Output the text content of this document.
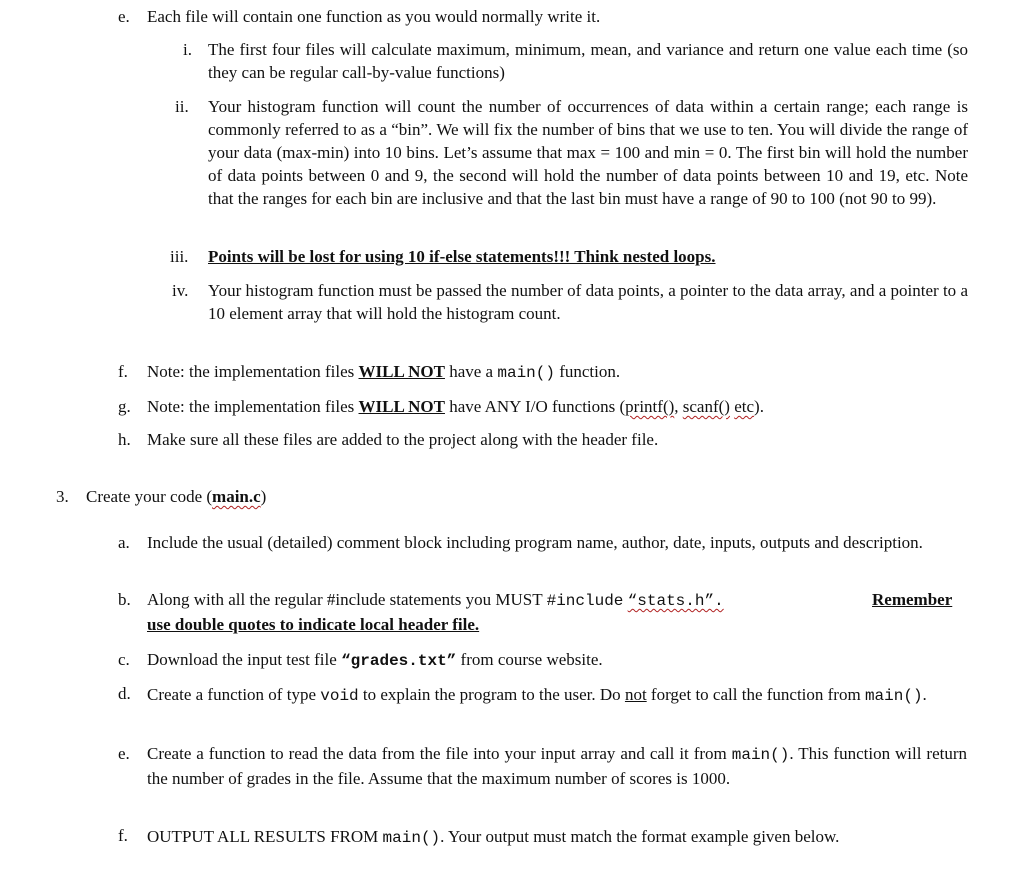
e. Each file will contain one function as you would normally write it.
i. The first four files will calculate maximum, minimum, mean, and variance and return one value each time (so they can be regular call-by-value functions)
ii. Your histogram function will count the number of occurrences of data within a certain range; each range is commonly referred to as a “bin”. We will fix the number of bins that we use to ten. You will divide the range of your data (max-min) into 10 bins. Let’s assume that max = 100 and min = 0. The first bin will hold the number of data points between 0 and 9, the second will hold the number of data points between 10 and 19, etc. Note that the ranges for each bin are inclusive and that the last bin must have a range of 90 to 100 (not 90 to 99).
iii. Points will be lost for using 10 if-else statements!!! Think nested loops.
iv. Your histogram function must be passed the number of data points, a pointer to the data array, and a pointer to a 10 element array that will hold the histogram count.
f. Note: the implementation files WILL NOT have a main() function.
g. Note: the implementation files WILL NOT have ANY I/O functions (printf(), scanf() etc).
h. Make sure all these files are added to the project along with the header file.
3. Create your code (main.c)
a. Include the usual (detailed) comment block including program name, author, date, inputs, outputs and description.
b. Along with all the regular #include statements you MUST #include “stats.h”.	Remember
use double quotes to indicate local header file.
c. Download the input test file “grades.txt” from course website.
d. Create a function of type void to explain the program to the user. Do not forget to call the function from main().
e. Create a function to read the data from the file into your input array and call it from main(). This function will return the number of grades in the file. Assume that the maximum number of scores is 1000.
f. OUTPUT ALL RESULTS FROM main(). Your output must match the format example given below.
